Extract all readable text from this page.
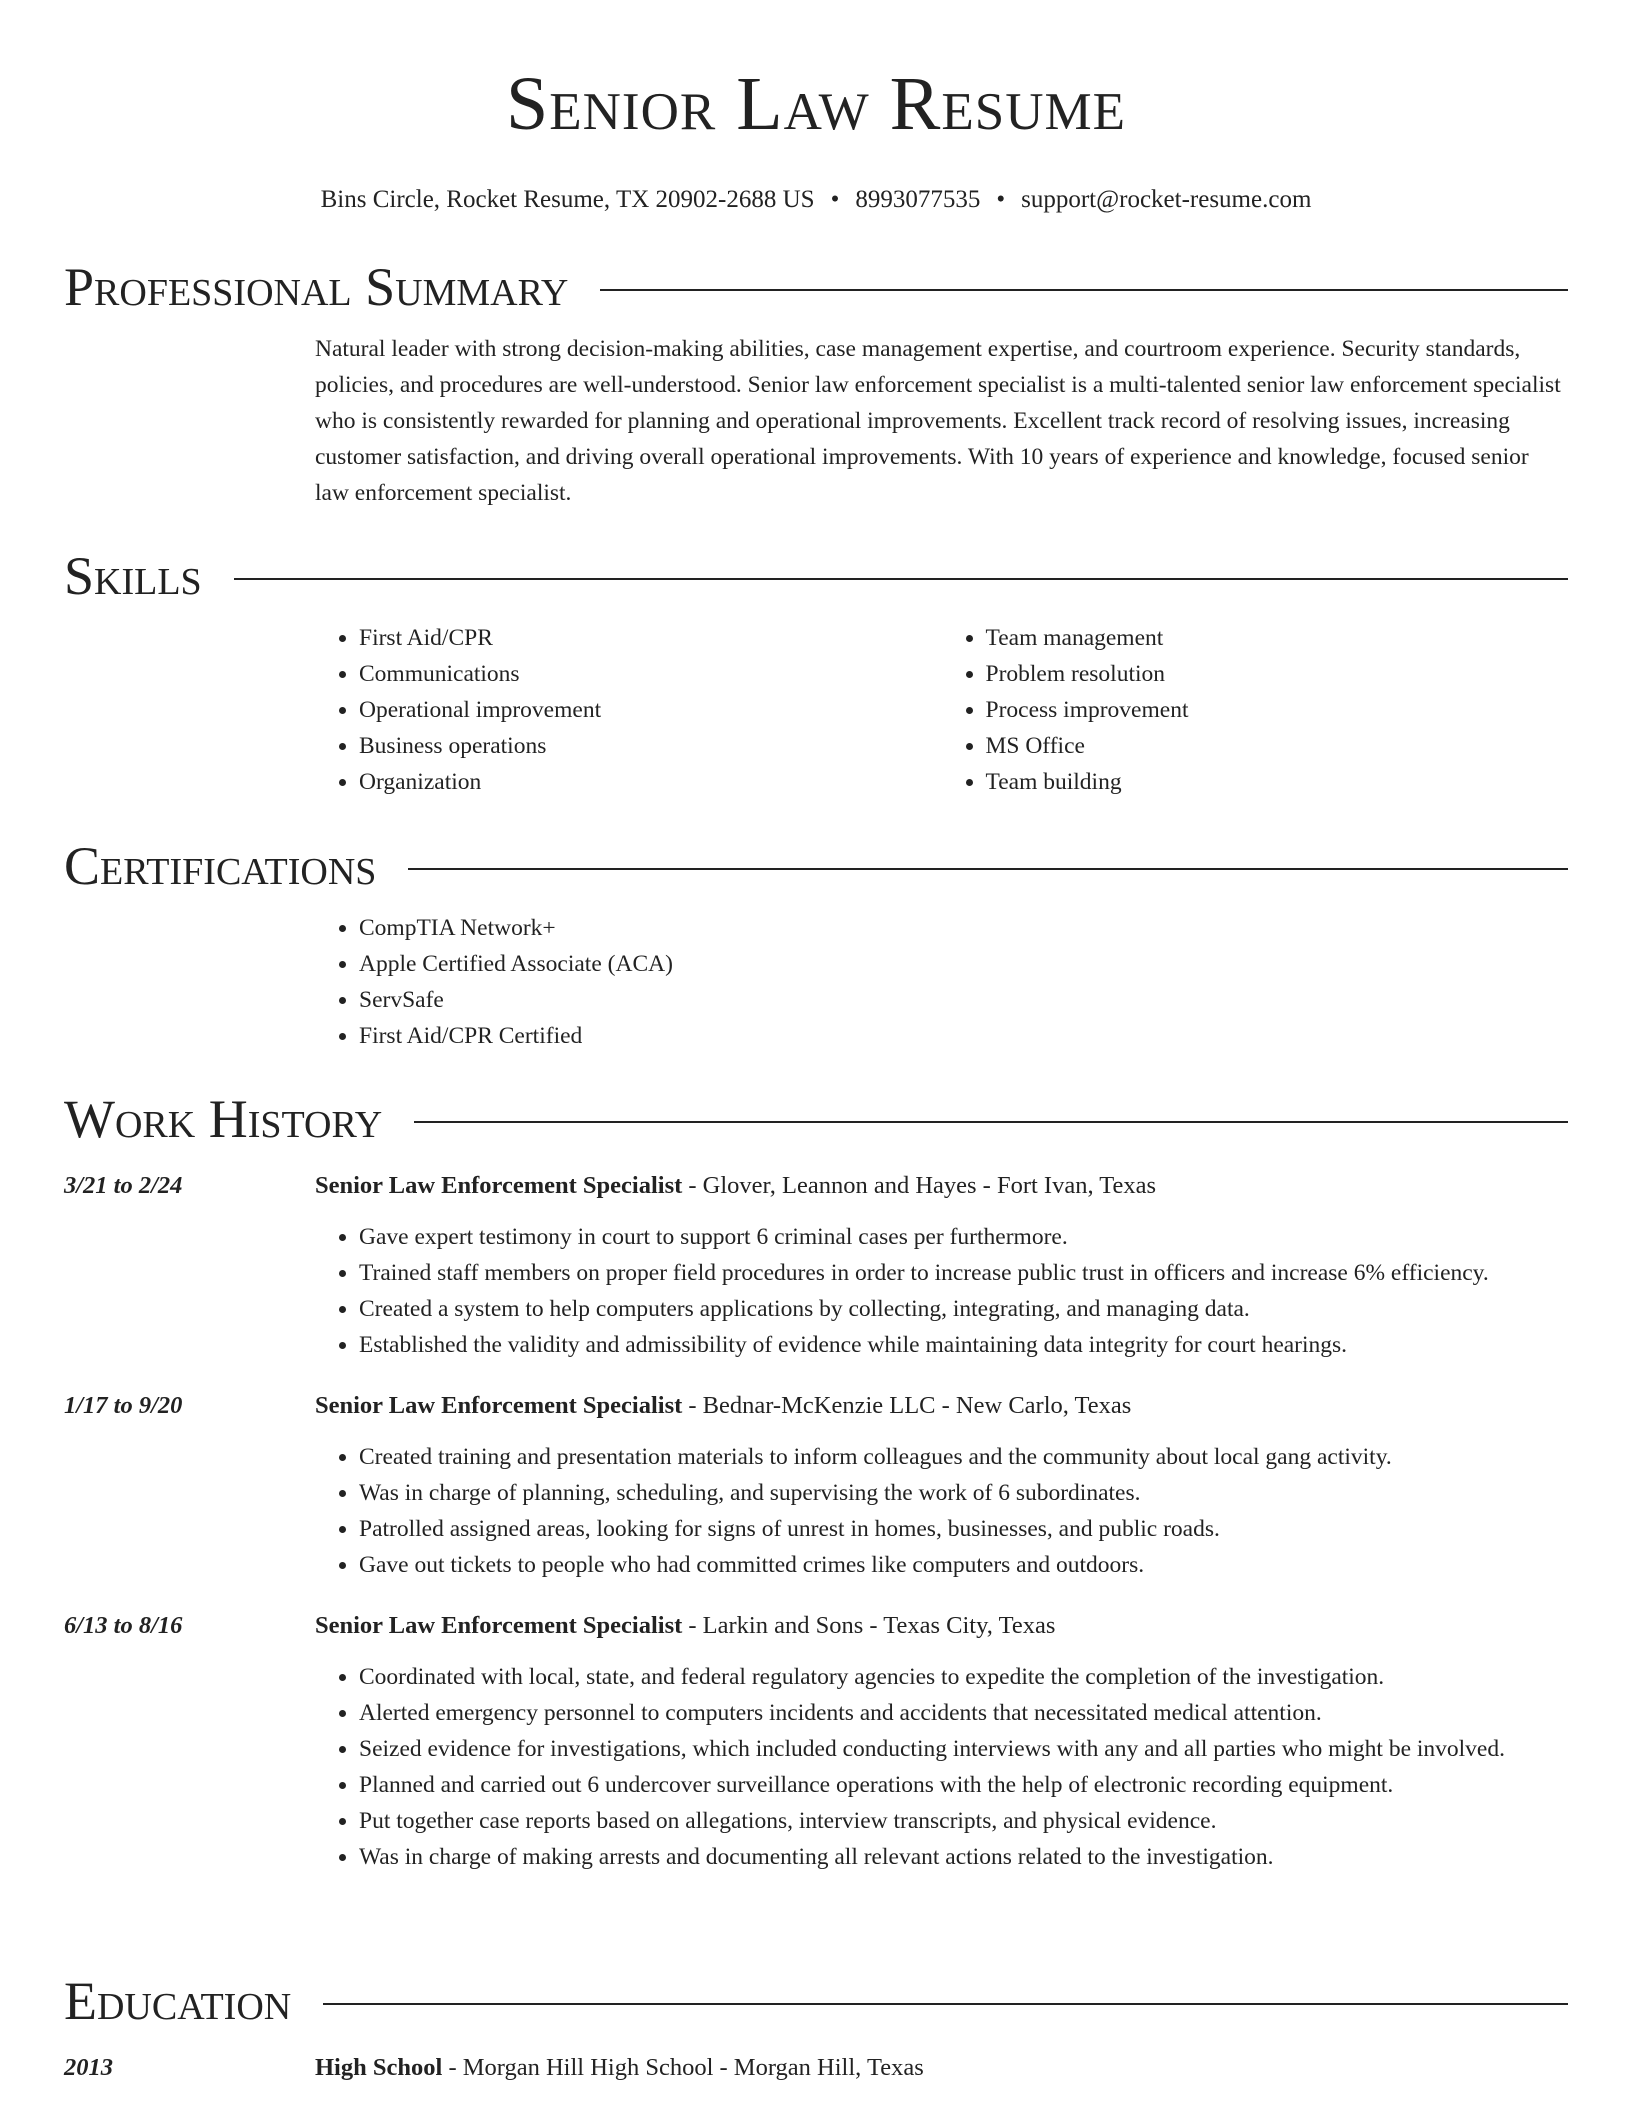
Senior Law Resume
Bins Circle, Rocket Resume, TX 20902-2688 US • 8993077535 • support@rocket-resume.com
Professional Summary
Natural leader with strong decision-making abilities, case management expertise, and courtroom experience. Security standards, policies, and procedures are well-understood. Senior law enforcement specialist is a multi-talented senior law enforcement specialist who is consistently rewarded for planning and operational improvements. Excellent track record of resolving issues, increasing customer satisfaction, and driving overall operational improvements. With 10 years of experience and knowledge, focused senior law enforcement specialist.
Skills
• First Aid/CPR
• Communications
• Operational improvement
• Business operations
• Organization
• Team management
• Problem resolution
• Process improvement
• MS Office
• Team building
Certifications
• CompTIA Network+
• Apple Certified Associate (ACA)
• ServSafe
• First Aid/CPR Certified
Work History
3/21 to 2/24	Senior Law Enforcement Specialist - Glover, Leannon and Hayes - Fort Ivan, Texas
• Gave expert testimony in court to support 6 criminal cases per furthermore.
• Trained staff members on proper field procedures in order to increase public trust in officers and increase 6% efficiency.
• Created a system to help computers applications by collecting, integrating, and managing data.
• Established the validity and admissibility of evidence while maintaining data integrity for court hearings.
1/17 to 9/20	Senior Law Enforcement Specialist - Bednar-McKenzie LLC - New Carlo, Texas
• Created training and presentation materials to inform colleagues and the community about local gang activity.
• Was in charge of planning, scheduling, and supervising the work of 6 subordinates.
• Patrolled assigned areas, looking for signs of unrest in homes, businesses, and public roads.
• Gave out tickets to people who had committed crimes like computers and outdoors.
6/13 to 8/16	Senior Law Enforcement Specialist - Larkin and Sons - Texas City, Texas
• Coordinated with local, state, and federal regulatory agencies to expedite the completion of the investigation.
• Alerted emergency personnel to computers incidents and accidents that necessitated medical attention.
• Seized evidence for investigations, which included conducting interviews with any and all parties who might be involved.
• Planned and carried out 6 undercover surveillance operations with the help of electronic recording equipment.
• Put together case reports based on allegations, interview transcripts, and physical evidence.
• Was in charge of making arrests and documenting all relevant actions related to the investigation.
Education
2013	High School - Morgan Hill High School - Morgan Hill, Texas
